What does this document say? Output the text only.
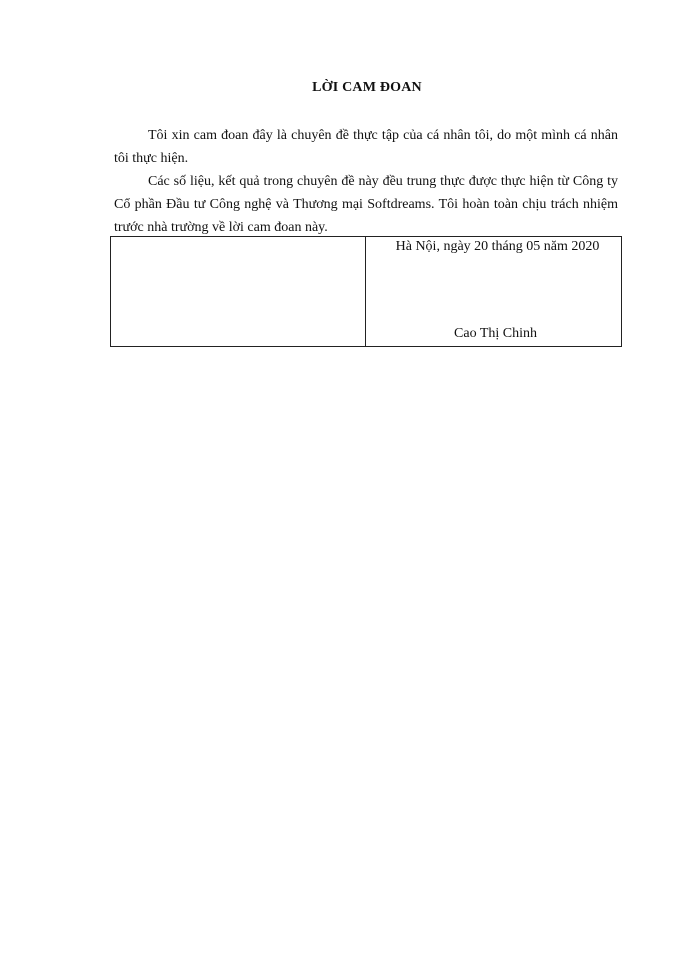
LỜI CAM ĐOAN
Tôi xin cam đoan đây là chuyên đề thực tập của cá nhân tôi, do một mình cá nhân tôi thực hiện.
Các số liệu, kết quả trong chuyên đề này đều trung thực được thực hiện từ Công ty Cổ phần Đầu tư Công nghệ và Thương mại Softdreams. Tôi hoàn toàn chịu trách nhiệm trước nhà trường về lời cam đoan này.
Hà Nội, ngày 20 tháng 05 năm 2020
Cao Thị Chinh
